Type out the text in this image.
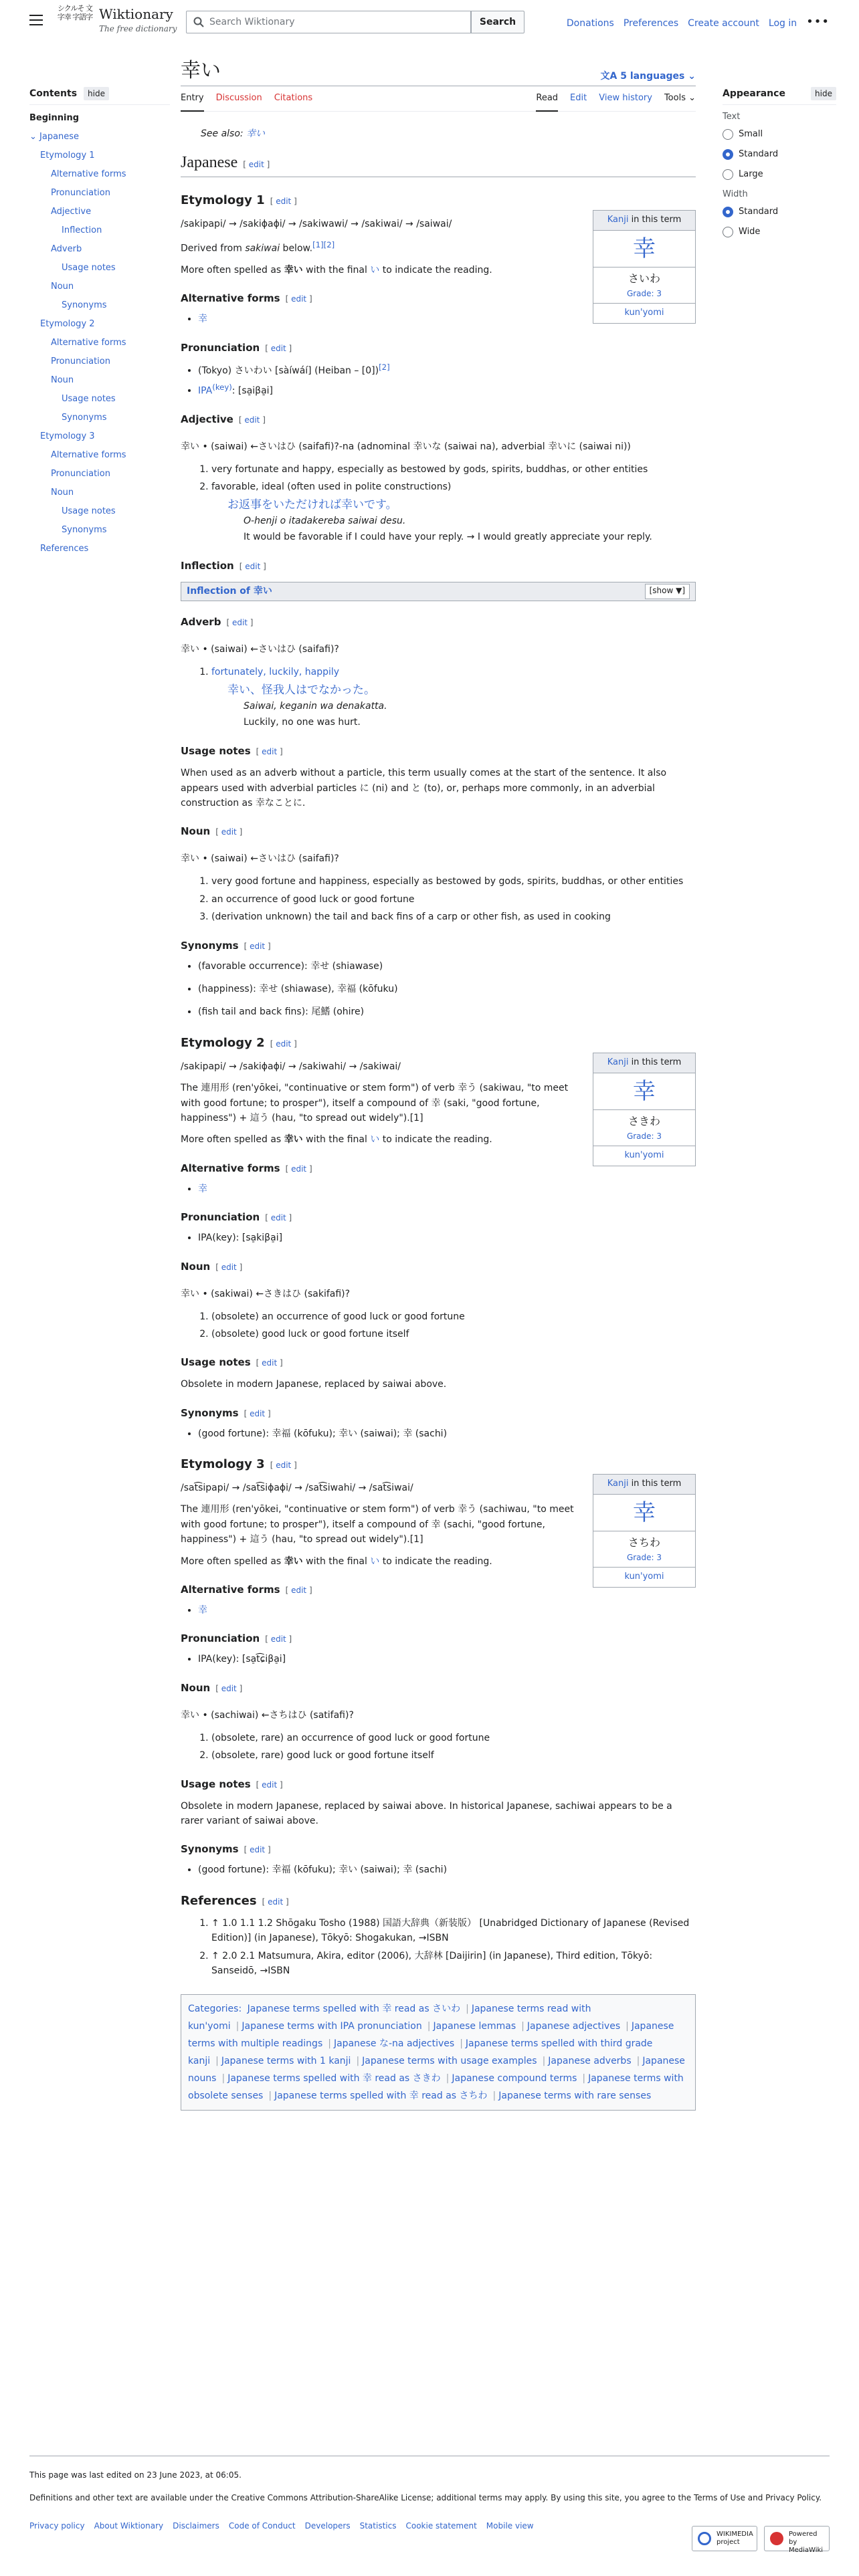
シクルそ 文字幸 字語字 Wiktionary
The free dictionary
Search Wiktionary	Search	Donations Preferences Create account Log in •••
Contents	hide
Beginning
⌄ Japanese
Etymology 1
Alternative forms
Pronunciation
Adjective
Inflection
Adverb
Usage notes
Noun
Synonyms
Etymology 2
Alternative forms
Pronunciation
Noun
Usage notes
Synonyms
Etymology 3
Alternative forms
Pronunciation
Noun
Usage notes
Synonyms
References
Appearance	hide
Text
Small
Standard
Large
Width
Standard
Wide
幸い	文A 5 languages ⌄
Entry Discussion Citations	Read Edit View history Tools ⌄
See also: 幸い
Japanese [ edit ]
Etymology 1 [ edit ]
Kanji in this term
幸
さいわ
Grade: 3
kun'yomi

/sakipapi/ → /sakiɸaɸi/ → /sakiwawi/ → /sakiwai/ → /saiwai/

Derived from sakiwai below.[1][2]

More often spelled as 幸い with the final い to indicate the reading.

Alternative forms [ edit ]
• 幸
Pronunciation [ edit ]
• (Tokyo) さいわい [sàíwáí] (Heiban – [0])[2]
• $IPA^{(key)}$: [sa̠iβa̠i]
Adjective [ edit ]
幸い • (saiwai) ←さいはひ (saifafi)?-na (adnominal 幸いな (saiwai na), adverbial 幸いに (saiwai ni))
1. very fortunate and happy, especially as bestowed by gods, spirits, buddhas, or other entities
2. favorable, ideal (often used in polite constructions)
お返事をいただければ幸いです。
O-henji o itadakereba saiwai desu.
It would be favorable if I could have your reply. → I would greatly appreciate your reply.
Inflection [ edit ]
Inflection of 幸い	[show ▼]
Adverb [ edit ]
幸い • (saiwai) ←さいはひ (saifafi)?
1. fortunately, luckily, happily
幸い、怪我人はでなかった。
Saiwai, keganin wa denakatta.
Luckily, no one was hurt.
Usage notes [ edit ]

When used as an adverb without a particle, this term usually comes at the start of the sentence. It also appears used with adverbial particles に (ni) and と (to), or, perhaps more commonly, in an adverbial construction as 幸なことに.

Noun [ edit ]
幸い • (saiwai) ←さいはひ (saifafi)?
1. very good fortune and happiness, especially as bestowed by gods, spirits, buddhas, or other entities
2. an occurrence of good luck or good fortune
3. (derivation unknown) the tail and back fins of a carp or other fish, as used in cooking
Synonyms [ edit ]
• (favorable occurrence): 幸せ (shiawase)
• (happiness): 幸せ (shiawase), 幸福 (kōfuku)
• (fish tail and back fins): 尾鰭 (ohire)
Etymology 2 [ edit ]
Kanji in this term
幸
さきわ
Grade: 3
kun'yomi

/sakipapi/ → /sakiɸaɸi/ → /sakiwahi/ → /sakiwai/

The 連用形 (ren'yōkei, "continuative or stem form") of verb 幸う (sakiwau, "to meet with good fortune; to prosper"), itself a compound of 幸 (saki, "good fortune, happiness") + 這う (hau, "to spread out widely").[1]

More often spelled as 幸い with the final い to indicate the reading.

Alternative forms [ edit ]
• 幸
Pronunciation [ edit ]
• IPA(key): [sa̠kiβa̠i]
Noun [ edit ]
幸い • (sakiwai) ←さきはひ (sakifafi)?
1. (obsolete) an occurrence of good luck or good fortune
2. (obsolete) good luck or good fortune itself
Usage notes [ edit ]

Obsolete in modern Japanese, replaced by saiwai above.

Synonyms [ edit ]
• (good fortune): 幸福 (kōfuku); 幸い (saiwai); 幸 (sachi)
Etymology 3 [ edit ]
Kanji in this term
幸
さちわ
Grade: 3
kun'yomi

/sat͡sipapi/ → /sat͡siɸaɸi/ → /sat͡siwahi/ → /sat͡siwai/

The 連用形 (ren'yōkei, "continuative or stem form") of verb 幸う (sachiwau, "to meet with good fortune; to prosper"), itself a compound of 幸 (sachi, "good fortune, happiness") + 這う (hau, "to spread out widely").[1]

More often spelled as 幸い with the final い to indicate the reading.

Alternative forms [ edit ]
• 幸
Pronunciation [ edit ]
• IPA(key): [sa̠t͡ɕiβa̠i]
Noun [ edit ]
幸い • (sachiwai) ←さちはひ (satifafi)?
1. (obsolete, rare) an occurrence of good luck or good fortune
2. (obsolete, rare) good luck or good fortune itself
Usage notes [ edit ]

Obsolete in modern Japanese, replaced by saiwai above. In historical Japanese, sachiwai appears to be a rarer variant of saiwai above.

Synonyms [ edit ]
• (good fortune): 幸福 (kōfuku); 幸い (saiwai); 幸 (sachi)
References [ edit ]
1. ↑ 1.0 1.1 1.2 Shōgaku Tosho (1988) 国語大辞典（新装版） [Unabridged Dictionary of Japanese (Revised Edition)] (in Japanese), Tōkyō: Shogakukan, →ISBN
2. ↑ 2.0 2.1 Matsumura, Akira, editor (2006), 大辞林 [Daijirin] (in Japanese), Third edition, Tōkyō: Sanseidō, →ISBN
Categories: Japanese terms spelled with 幸 read as さいわ | Japanese terms read with kun'yomi | Japanese terms with IPA pronunciation | Japanese lemmas | Japanese adjectives | Japanese terms with multiple readings | Japanese な-na adjectives | Japanese terms spelled with third grade kanji | Japanese terms with 1 kanji | Japanese terms with usage examples | Japanese adverbs | Japanese nouns | Japanese terms spelled with 幸 read as さきわ | Japanese compound terms | Japanese terms with obsolete senses | Japanese terms spelled with 幸 read as さちわ | Japanese terms with rare senses
This page was last edited on 23 June 2023, at 06:05.
Definitions and other text are available under the Creative Commons Attribution-ShareAlike License; additional terms may apply. By using this site, you agree to the Terms of Use and Privacy Policy.
Privacy policy About Wiktionary Disclaimers Code of Conduct Developers Statistics Cookie statement Mobile view
WIKIMEDIA project
Powered by MediaWiki
